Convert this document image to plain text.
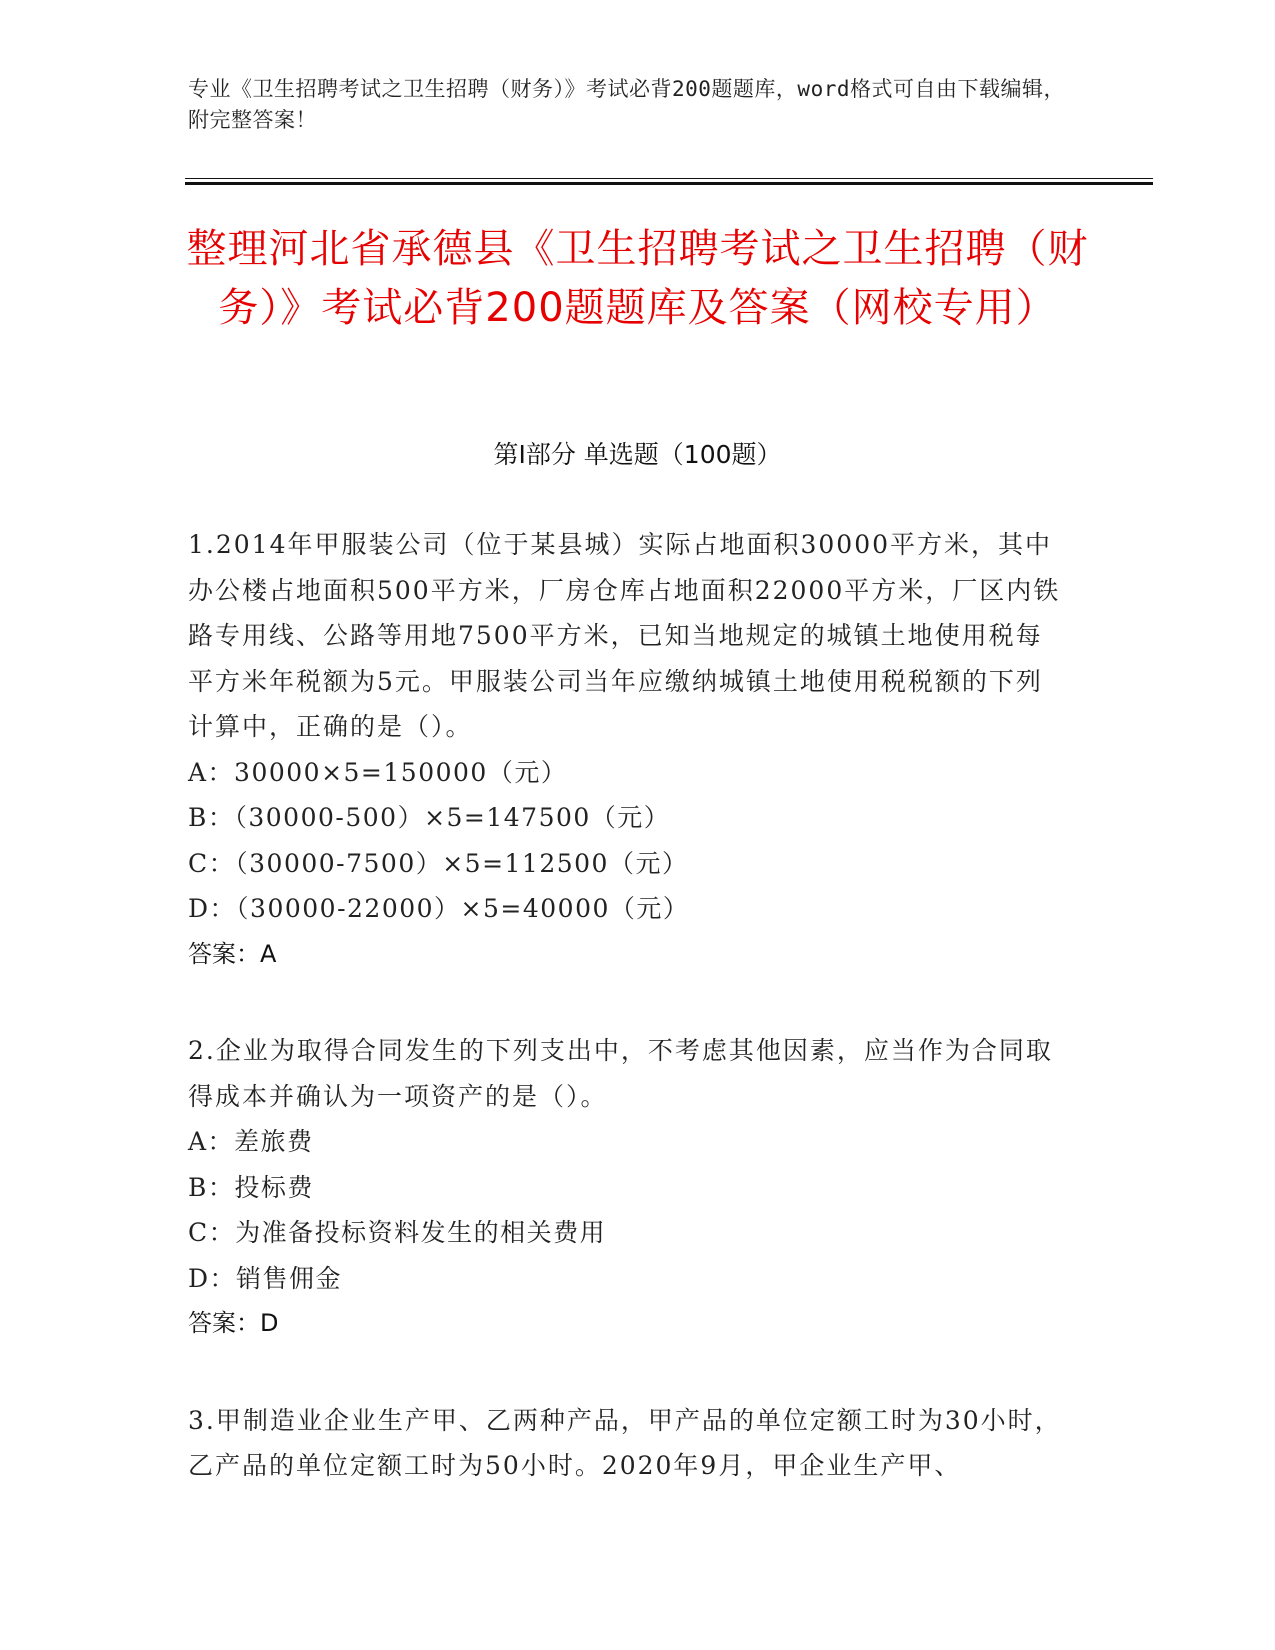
专业《卫生招聘考试之卫生招聘（财务）》考试必背200题题库，word格式可自由下载编辑，附完整答案！
整理河北省承德县《卫生招聘考试之卫生招聘（财务）》考试必背200题题库及答案（网校专用）
第Ⅰ部分 单选题（100题）

1.2014年甲服装公司（位于某县城）实际占地面积30000平方米，其中办公楼占地面积500平方米，厂房仓库占地面积22000平方米，厂区内铁路专用线、公路等用地7500平方米，已知当地规定的城镇土地使用税每平方米年税额为5元。甲服装公司当年应缴纳城镇土地使用税税额的下列计算中，正确的是（）。

A：30000×5=150000（元）

B：（30000-500）×5=147500（元）

C：（30000-7500）×5=112500（元）

D：（30000-22000）×5=40000（元）

答案：A

2.企业为取得合同发生的下列支出中，不考虑其他因素，应当作为合同取得成本并确认为一项资产的是（）。

A：差旅费

B：投标费

C：为准备投标资料发生的相关费用

D：销售佣金

答案：D

3.甲制造业企业生产甲、乙两种产品，甲产品的单位定额工时为30小时，乙产品的单位定额工时为50小时。2020年9月，甲企业生产甲、
